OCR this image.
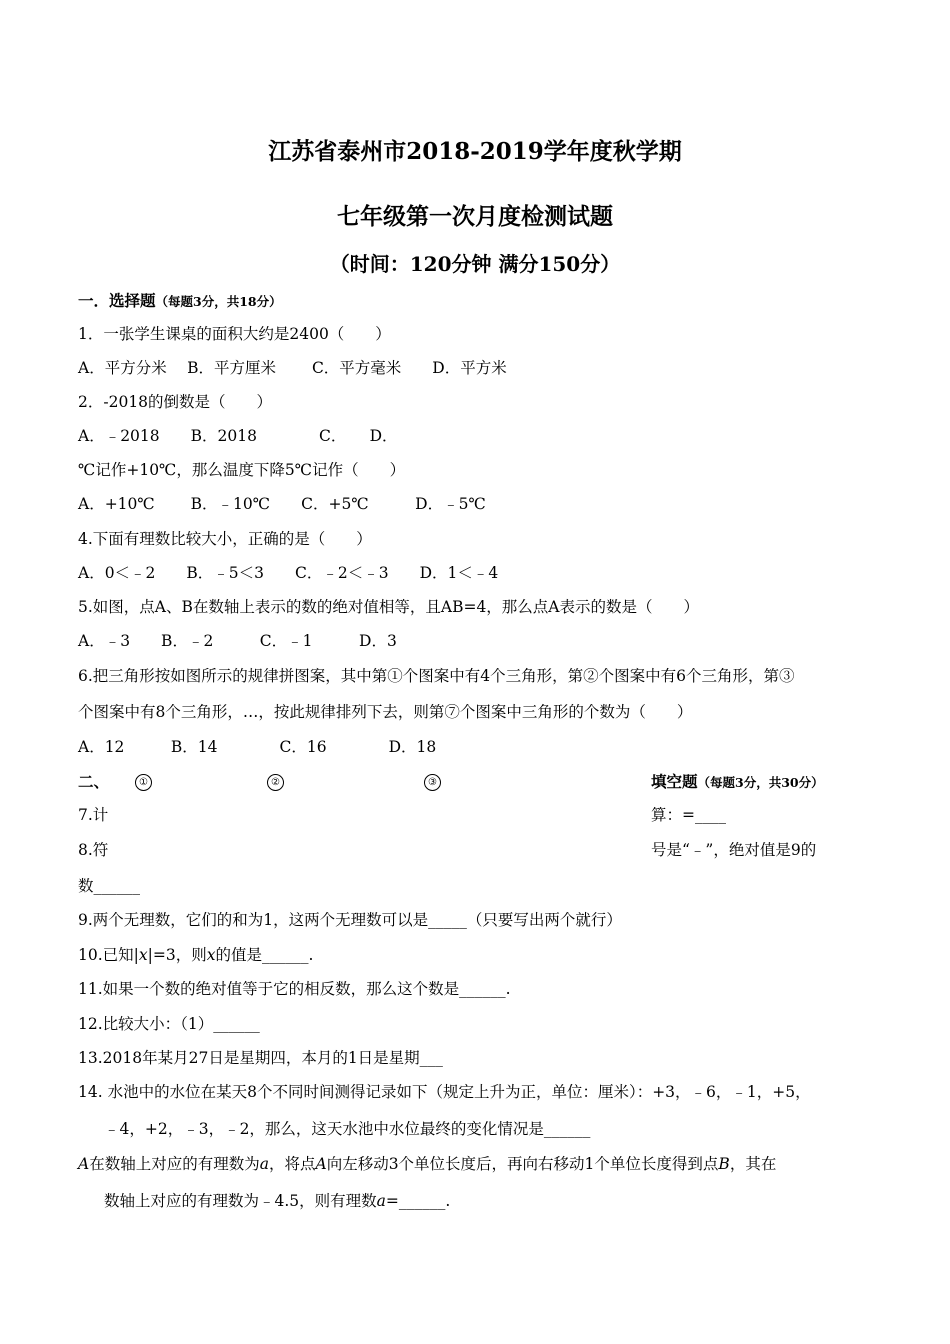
江苏省泰州市2018-2019学年度秋学期
七年级第一次月度检测试题
（时间：120分钟 满分150分）
一．选择题（每题3分，共18分）
1．一张学生课桌的面积大约是2400（　　）
A．平方分米　 B．平方厘米　　 C．平方毫米　　D．平方米
2．-2018的倒数是（　　）
A．﹣2018　　B．2018　　　　C．　　D．
℃记作+10℃，那么温度下降5℃记作（　　）
A．+10℃　　 B．﹣10℃　　C．+5℃　　　D．﹣5℃
4.下面有理数比较大小，正确的是（　　）
A．0＜﹣2　　B．﹣5＜3　　C．﹣2＜﹣3　　D．1＜﹣4
5.如图，点A、B在数轴上表示的数的绝对值相等，且AB=4，那么点A表示的数是（　　）
A．﹣3　　B．﹣2　　　C．﹣1　　　D．3
6.把三角形按如图所示的规律拼图案，其中第①个图案中有4个三角形，第②个图案中有6个三角形，第③
个图案中有8个三角形，…，按此规律排列下去，则第⑦个图案中三角形的个数为（　　）
A．12　　　B．14　　　　C．16　　　　D．18
二、	①	②	③	填空题（每题3分，共30分）
7.计	算：=____
8.符	号是“﹣”，绝对值是9的
数______
9.两个无理数，它们的和为1，这两个无理数可以是_____（只要写出两个就行）
10.已知|x|=3，则x的值是______.
11.如果一个数的绝对值等于它的相反数，那么这个数是______.
12.比较大小：（1）______
13.2018年某月27日是星期四，本月的1日是星期___
14. 水池中的水位在某天8个不同时间测得记录如下（规定上升为正，单位：厘米）：+3，﹣6，﹣1，+5，
﹣4，+2，﹣3，﹣2，那么，这天水池中水位最终的变化情况是______
A在数轴上对应的有理数为a，将点A向左移动3个单位长度后，再向右移动1个单位长度得到点B，其在
数轴上对应的有理数为﹣4.5，则有理数a=______.
